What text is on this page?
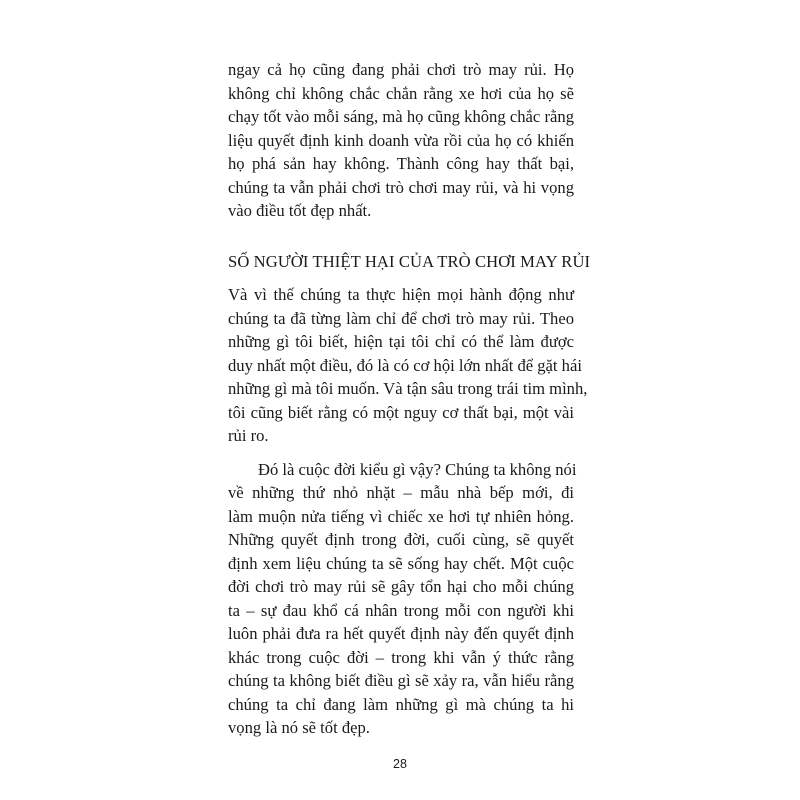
ngay cả họ cũng đang phải chơi trò may rủi. Họ
không chỉ không chắc chắn rằng xe hơi của họ sẽ
chạy tốt vào mỗi sáng, mà họ cũng không chắc rằng
liệu quyết định kinh doanh vừa rồi của họ có khiến
họ phá sản hay không. Thành công hay thất bại,
chúng ta vẫn phải chơi trò chơi may rủi, và hi vọng
vào điều tốt đẹp nhất.
SỐ NGƯỜI THIỆT HẠI CỦA TRÒ CHƠI MAY RỦI
Và vì thế chúng ta thực hiện mọi hành động như
chúng ta đã từng làm chỉ để chơi trò may rủi. Theo
những gì tôi biết, hiện tại tôi chỉ có thể làm được
duy nhất một điều, đó là có cơ hội lớn nhất để gặt hái
những gì mà tôi muốn. Và tận sâu trong trái tim mình,
tôi cũng biết rằng có một nguy cơ thất bại, một vài
rủi ro.
Đó là cuộc đời kiểu gì vậy? Chúng ta không nói
về những thứ nhỏ nhặt – mẫu nhà bếp mới, đi
làm muộn nửa tiếng vì chiếc xe hơi tự nhiên hỏng.
Những quyết định trong đời, cuối cùng, sẽ quyết
định xem liệu chúng ta sẽ sống hay chết. Một cuộc
đời chơi trò may rủi sẽ gây tổn hại cho mỗi chúng
ta – sự đau khổ cá nhân trong mỗi con người khi
luôn phải đưa ra hết quyết định này đến quyết định
khác trong cuộc đời – trong khi vẫn ý thức rằng
chúng ta không biết điều gì sẽ xảy ra, vẫn hiểu rằng
chúng ta chỉ đang làm những gì mà chúng ta hi
vọng là nó sẽ tốt đẹp.
28
